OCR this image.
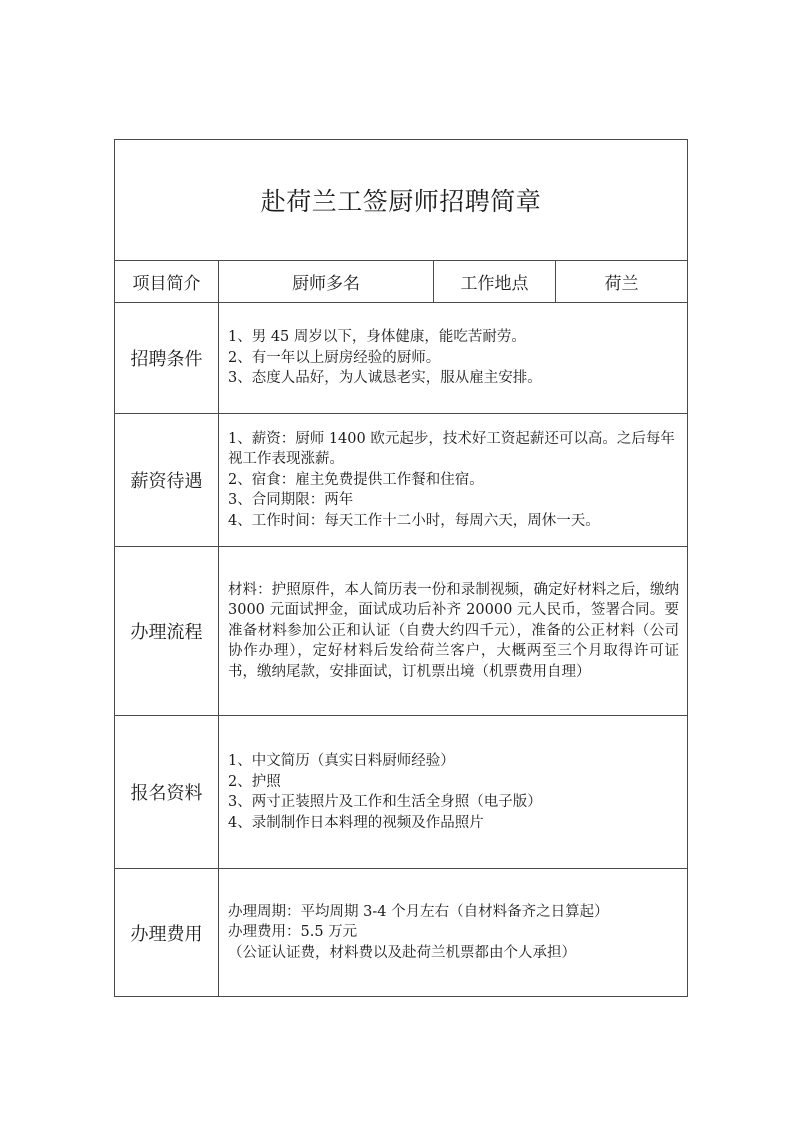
赴荷兰工签厨师招聘简章			
项目简介	厨师多名	工作地点	荷兰
招聘条件	1、男 45 周岁以下，身体健康，能吃苦耐劳。
2、有一年以上厨房经验的厨师。
3、态度人品好，为人诚恳老实，服从雇主安排。		

薪资待遇	1、薪资：厨师 1400 欧元起步，技术好工资起薪还可以高。之后每年视工作表现涨薪。
2、宿食：雇主免费提供工作餐和住宿。
3、合同期限：两年
4、工作时间：每天工作十二小时，每周六天，周休一天。		

办理流程	材料：护照原件，本人简历表一份和录制视频，确定好材料之后，缴纳 3000 元面试押金，面试成功后补齐 20000 元人民币，签署合同。要准备材料参加公正和认证（自费大约四千元），准备的公正材料（公司协作办理），定好材料后发给荷兰客户，大概两至三个月取得许可证书，缴纳尾款，安排面试，订机票出境（机票费用自理）		

报名资料	1、中文简历（真实日料厨师经验）
2、护照
3、两寸正装照片及工作和生活全身照（电子版）
4、录制制作日本料理的视频及作品照片		

办理费用	办理周期：平均周期 3-4 个月左右（自材料备齐之日算起）
办理费用：5.5 万元
（公证认证费，材料费以及赴荷兰机票都由个人承担）		
